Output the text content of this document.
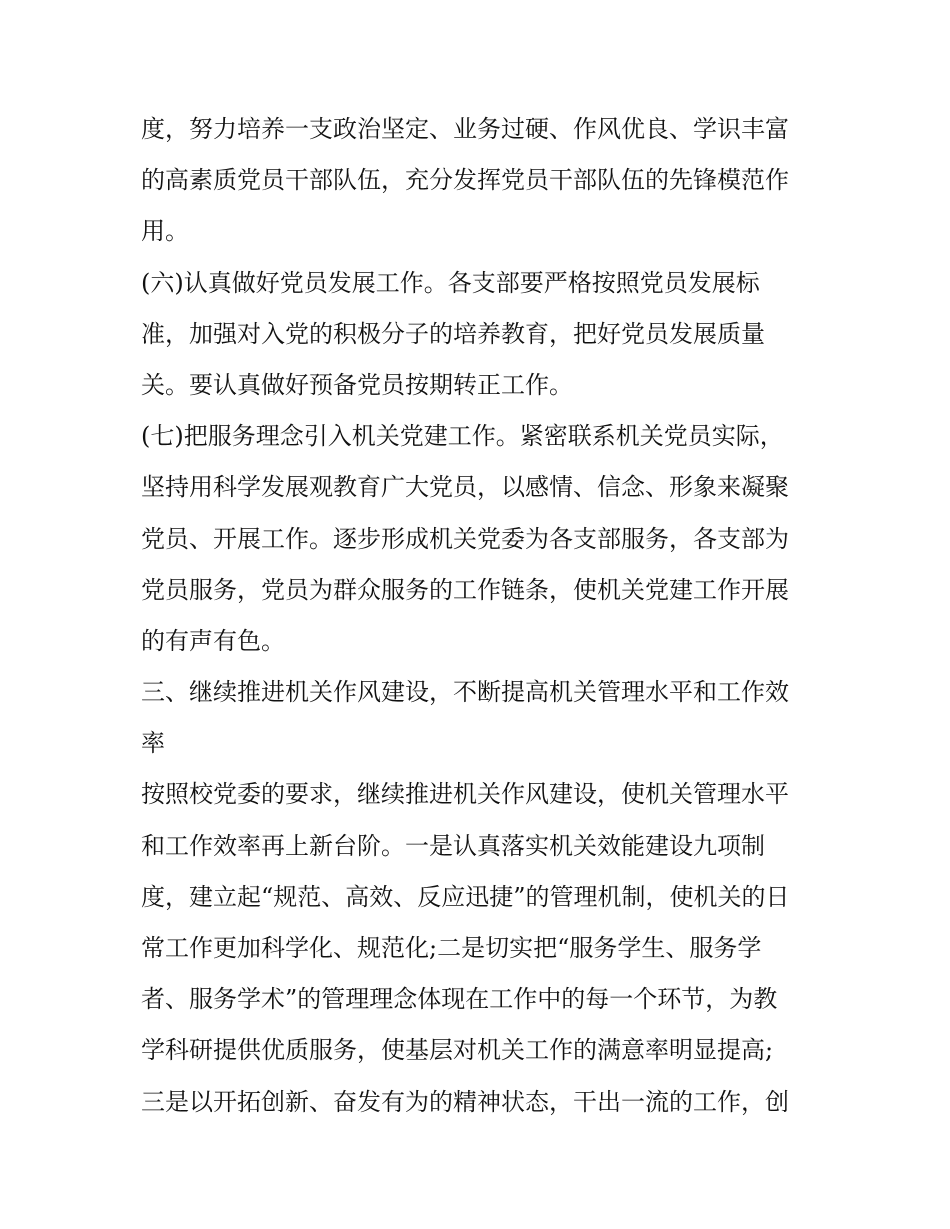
度，努力培养一支政治坚定、业务过硬、作风优良、学识丰富
的高素质党员干部队伍，充分发挥党员干部队伍的先锋模范作
用。
(六)认真做好党员发展工作。各支部要严格按照党员发展标
准，加强对入党的积极分子的培养教育，把好党员发展质量
关。要认真做好预备党员按期转正工作。
(七)把服务理念引入机关党建工作。紧密联系机关党员实际，
坚持用科学发展观教育广大党员，以感情、信念、形象来凝聚
党员、开展工作。逐步形成机关党委为各支部服务，各支部为
党员服务，党员为群众服务的工作链条，使机关党建工作开展
的有声有色。
三、继续推进机关作风建设，不断提高机关管理水平和工作效
率
按照校党委的要求，继续推进机关作风建设，使机关管理水平
和工作效率再上新台阶。一是认真落实机关效能建设九项制
度，建立起“规范、高效、反应迅捷”的管理机制，使机关的日
常工作更加科学化、规范化;二是切实把“服务学生、服务学
者、服务学术”的管理理念体现在工作中的每一个环节，为教
学科研提供优质服务，使基层对机关工作的满意率明显提高;
三是以开拓创新、奋发有为的精神状态，干出一流的工作，创
